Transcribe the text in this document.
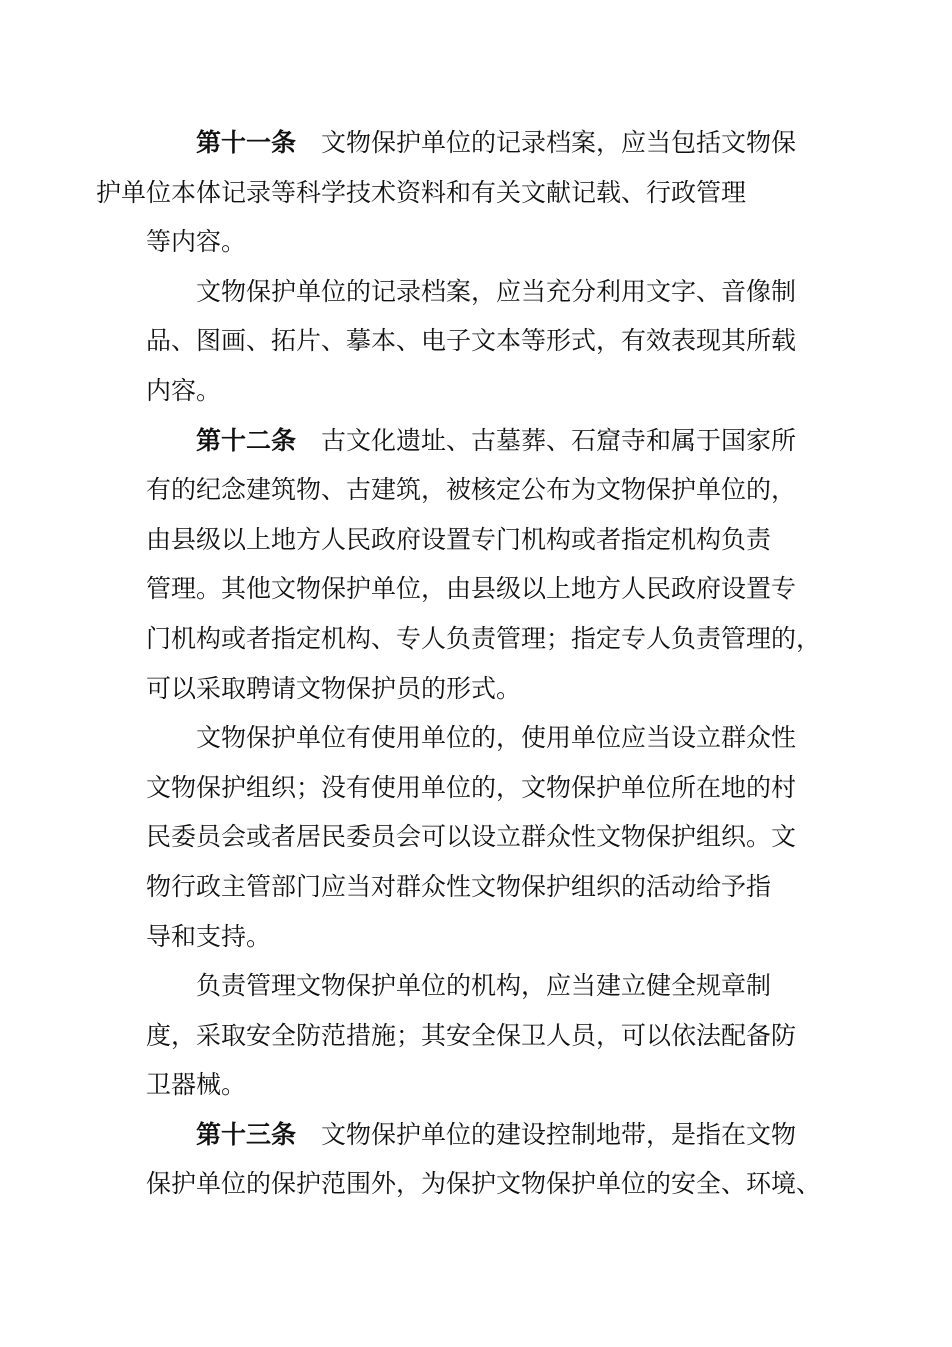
第十一条 文物保护单位的记录档案，应当包括文物保
护单位本体记录等科学技术资料和有关文献记载、行政管理
等内容。

文物保护单位的记录档案，应当充分利用文字、音像制
品、图画、拓片、摹本、电子文本等形式，有效表现其所载
内容。

第十二条 古文化遗址、古墓葬、石窟寺和属于国家所
有的纪念建筑物、古建筑，被核定公布为文物保护单位的，
由县级以上地方人民政府设置专门机构或者指定机构负责
管理。其他文物保护单位，由县级以上地方人民政府设置专
门机构或者指定机构、专人负责管理；指定专人负责管理的，
可以采取聘请文物保护员的形式。

文物保护单位有使用单位的，使用单位应当设立群众性
文物保护组织；没有使用单位的，文物保护单位所在地的村
民委员会或者居民委员会可以设立群众性文物保护组织。文
物行政主管部门应当对群众性文物保护组织的活动给予指
导和支持。

负责管理文物保护单位的机构，应当建立健全规章制
度，采取安全防范措施；其安全保卫人员，可以依法配备防
卫器械。

第十三条 文物保护单位的建设控制地带，是指在文物
保护单位的保护范围外，为保护文物保护单位的安全、环境、
